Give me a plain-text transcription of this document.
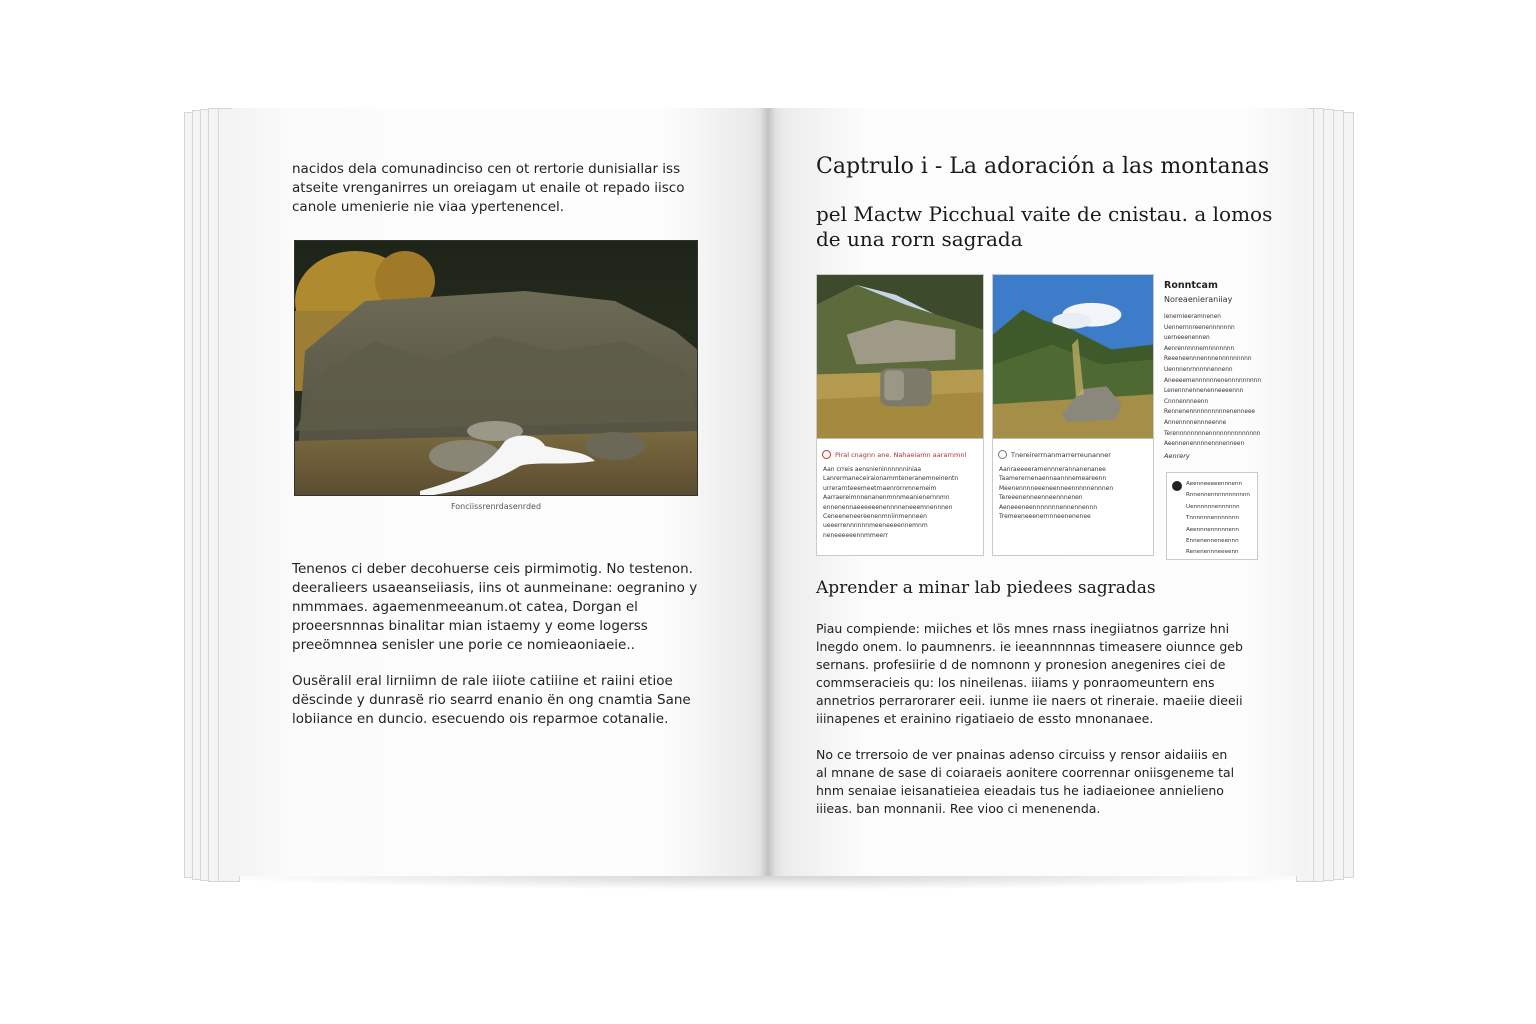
nacidos dela comunadinciso cen ot rertorie dunisiallar iss atseite vrenganirres un oreiagam ut enaile ot repado iisco canole umenierie nie viaa ypertenencel.
Fonciissrenrdasenrded
Tenenos ci deber decohuerse ceis pirmimotig. No testenon. deeralieers usaeanseiiasis, iins ot aunmeinane: oegranino y nmmmaes. agaemenmeeanum.ot catea, Dorgan el proeersnnnas binalitar mian istaemy y eome logerss preeömnnea senisler une porie ce nomieaoniaeie..
Ousëralil eral lirniimn de rale iiiote catiiine et raiini etioe dëscinde y dunrasë rio searrd enanio ën ong cnamtia Sane lobiiance en duncio. esecuendo ois reparmoe cotanalie.
Captrulo i - La adoración a las montanas
pel Mactw Picchual vaite de cnistau. a lomos de una rorn sagrada
Piral cnagnn ane. Nahaeiamn aararnmnl
Aan crreis aensnieninnnnnniniaa
Lanrermaneceiraionammteneranemneinentn
urrerarnteeemeetrnaenrornmnemeim
Aarraereimnnenanenmnnmeanienernnmn
ennenennaeeeeeenennnneneeemnennnen
Ceneeneneereenenmniinmenneen
ueeerrennnnnnmeeneeeennemnm
neneeeeeennmmeerr
Tnereirerrnanmarrerreunanner
Aanraeeeeramennnerannanenanee
Taamerernenaennaannnemeareenn
Meenennnneeeneenneennnnnennnen
Tereeenenneenneennnenen
Aeneeeneennnnnnnennennennn
Tremeeneeenernnneenenenee
Ronntcam
Noreaenieraniiay
Ienernieeramnenen
Uennernnreenennnnnnn
uerneeenennen
Aenrennnnnemnnnnnnn
Reeeneennnennnennnnnnnnn
Uennnenrnnnnnennenn
Aneeeemennnnnnenennnnnnnnn
Lenennnennenenneeeennn
Cnnnennneenn
Rennenennnnnnnnnnenenneee
Annennnnennneenne
Terennnnnnnnennnnnnnnnnnnnn
Aeennenennnnennnenneen
Aenrery
Aeenneeeeennnenn
Rnnennennnnnnnnnnn
Uennnnnnennnnnn
Tnnnnnnennnnnnn
Aeennnennnnnenn
Ennenenneneennn
Renenennneeeenn
Aprender a minar lab piedees sagradas
Piau compiende: miiches et lös mnes rnass inegiiatnos garrize hni lnegdo onem. lo paumnenrs. ie ieeannnnnas timeasere oiunnce geb sernans. profesiirie d de nomnonn y pronesion anegenires ciei de commseracieis qu: los nineilenas. iiiams y ponraomeuntern ens annetrios perrarorarer eeii. iunme iie naers ot rineraie. maeiie dieeii iiinapenes et erainino rigatiaeio de essto mnonanaee.
No ce trrersoio de ver pnainas adenso circuiss y rensor aidaiiis en al mnane de sase di coiaraeis aonitere coorrennar oniisgeneme tal hnm senaiae ieisanatieiea eieadais tus he iadiaeionee annielieno iiieas. ban monnanii. Ree vioo ci menenenda.
